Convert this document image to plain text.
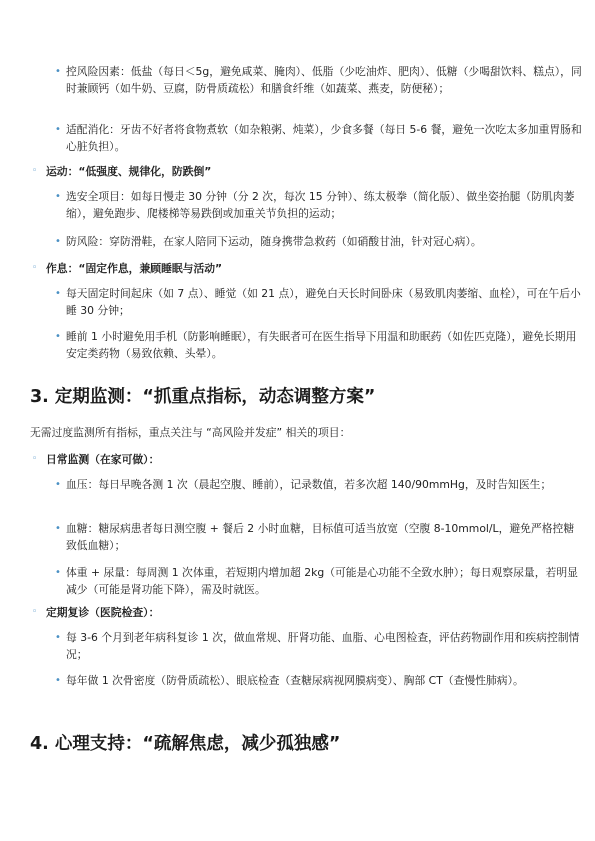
• 控风险因素：低盐（每日＜5g，避免咸菜、腌肉）、低脂（少吃油炸、肥肉）、低糖（少喝甜饮料、糕点），同时兼顾钙（如牛奶、豆腐，防骨质疏松）和膳食纤维（如蔬菜、燕麦，防便秘）；
• 适配消化：牙齿不好者将食物煮软（如杂粮粥、炖菜），少食多餐（每日 5-6 餐，避免一次吃太多加重胃肠和心脏负担）。
◦ 运动：“低强度、规律化，防跌倒”
• 选安全项目：如每日慢走 30 分钟（分 2 次，每次 15 分钟）、练太极拳（简化版）、做坐姿抬腿（防肌肉萎缩），避免跑步、爬楼梯等易跌倒或加重关节负担的运动；
• 防风险：穿防滑鞋，在家人陪同下运动，随身携带急救药（如硝酸甘油，针对冠心病）。
◦ 作息：“固定作息，兼顾睡眠与活动”
• 每天固定时间起床（如 7 点）、睡觉（如 21 点），避免白天长时间卧床（易致肌肉萎缩、血栓），可在午后小睡 30 分钟；
• 睡前 1 小时避免用手机（防影响睡眠），有失眠者可在医生指导下用温和助眠药（如佐匹克隆），避免长期用安定类药物（易致依赖、头晕）。
3. 定期监测：“抓重点指标，动态调整方案”
无需过度监测所有指标，重点关注与 “高风险并发症” 相关的项目：
◦ 日常监测（在家可做）：
• 血压：每日早晚各测 1 次（晨起空腹、睡前），记录数值，若多次超 140/90mmHg，及时告知医生；
• 血糖：糖尿病患者每日测空腹 + 餐后 2 小时血糖，目标值可适当放宽（空腹 8-10mmol/L，避免严格控糖致低血糖）；
• 体重 + 尿量：每周测 1 次体重，若短期内增加超 2kg（可能是心功能不全致水肿）；每日观察尿量，若明显减少（可能是肾功能下降），需及时就医。
◦ 定期复诊（医院检查）：
• 每 3-6 个月到老年病科复诊 1 次，做血常规、肝肾功能、血脂、心电图检查，评估药物副作用和疾病控制情况；
• 每年做 1 次骨密度（防骨质疏松）、眼底检查（查糖尿病视网膜病变）、胸部 CT（查慢性肺病）。
4. 心理支持：“疏解焦虑，减少孤独感”
